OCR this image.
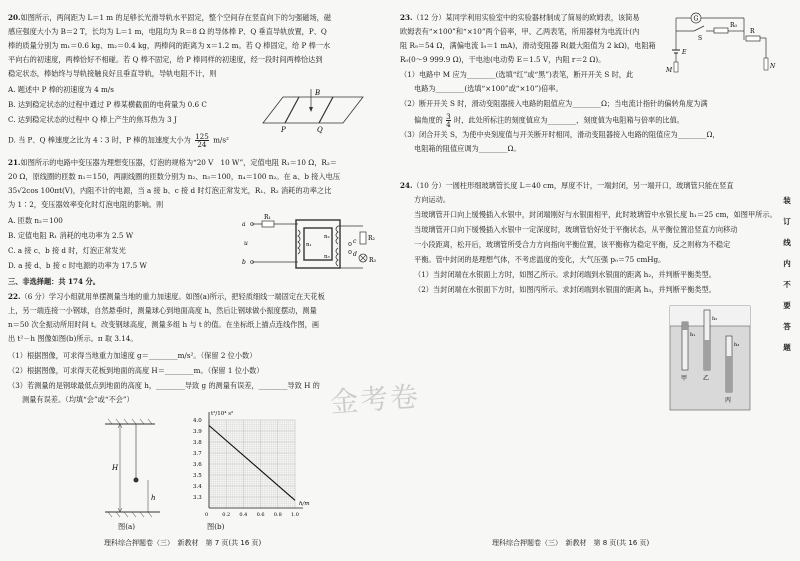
20.如图所示，两间距为 L＝1 m 的足够长光滑导轨水平固定，整个空间存在竖直向下的匀强磁场，磁
感应强度大小为 B＝2 T，长均为 L＝1 m，电阻均为 R＝8 Ω 的导体棒 P、Q 垂直导轨放置，P、Q
棒的质量分别为 m₁＝0.6 kg、m₂＝0.4 kg，两棒间的距离为 x＝1.2 m。若 Q 棒固定，给 P 棒一水
平向右的初速度，两棒恰好不相碰。若 Q 棒不固定，给 P 棒同样的初速度，经一段时间两棒恰达到
稳定状态，棒始终与导轨接触良好且垂直导轨，导轨电阻不计，则
A. 题述中 P 棒的初速度为 4 m/s
B. 达到稳定状态的过程中通过 P 棒某横截面的电荷量为 0.6 C
C. 达到稳定状态的过程中 Q 棒上产生的焦耳热为 3 J
D. 当 P、Q 棒速度之比为 4∶3 时，P 棒的加速度大小为 $\frac{125}{24} m/s^2$
B
P	Q
21.如图所示的电路中变压器为理想变压器，灯泡的规格为“20 V　10 W”，定值电阻 R₁＝10 Ω，R₂＝
20 Ω，原线圈的匝数 n₁＝150，两副线圈的匝数分别为 n₂、n₃＝100，n₄＝100 n₂。在 a、b 接入电压
35√2cos 100πt(V)，内阻不计的电源，当 a 接 b、c 接 d 时灯泡正常发光，R₁、R₂ 消耗的功率之比
为 1∶2，变压器效率变化时灯泡电阻的影响。则
A. 匝数 n₂＝100
B. 定值电阻 R₁ 消耗的电功率为 2.5 W
C. a 接 c、b 接 d 时，灯泡正常发光
D. a 接 d、b 接 c 时电源的功率为 17.5 W
R₁
a
b
u	n₁
n₂
n₃
c
d
R₂
R₃
三、非选择题：共 174 分。
22.（6 分）学习小组就用单摆测量当地的重力加速度。如图(a)所示，把轻质细线一端固定在天花板
上，另一端连接一小钢球，自然悬垂时，测量球心到地面高度 h，然后让钢球做小振度摆动，测量
n＝50 次全振动所用时间 t。改变钢球高度，测量多组 h 与 t 的值。在坐标纸上描点连线作图，画
出 t²－h 图像如图(b)所示。π 取 3.14。
（1）根据图像，可求得当地重力加速度 g＝________m/s²。（保留 2 位小数）
（2）根据图像，可求得天花板到地面的高度 H＝________m。（保留 1 位小数）
（3）若测量的是钢球最低点到地面的高度 h，________导致 g 的测量有误差，________导致 H 的
测量有误差。（均填“会”或“不会”）
H
h
图(a)
h/m
t²/10⁴ s²
4.0
3.9
3.8
3.7
3.6
3.5
3.4
3.3
0	0.2 0.4 0.6 0.8 1.0
图(b)
理科综合押题卷（三）　新教材　第 7 页(共 16 页)
金考卷
23.（12 分）某同学利用实验室中的实验器材制成了简易的欧姆表，该简易
欧姆表有“×100”和“×10”两个倍率，甲、乙两表笔，所用器材为电流计(内
阻 R₉＝54 Ω，满偏电流 I₉＝1 mA)，滑动变阻器 R(最大阻值为 2 kΩ)，电阻箱
R₀(0～9 999.9 Ω)，干电池(电动势 E＝1.5 V，内阻 r＝2 Ω)。
（1）电路中 M 应为________(选填“红”或“黑”)表笔，断开开关 S 时，此
电路为________(选填“×100”或“×10”)倍率。
（2）断开开关 S 时，滑动变阻器接入电路的阻值应为________Ω；当电流计指针的偏转角度为满
偏角度的 $\frac{3}{4}$ 时，此处所标注的刻度值应为________，刻度值为电阻箱与倍率的比值。
（3）闭合开关 S，为使中央刻度值与开关断开时相同，滑动变阻器接入电路的阻值应为________Ω，
电阻箱的阻值应调为________Ω。
G
R₀
S
R
E
M
N
24.（10 分）一圆柱形细玻璃管长度 L＝40 cm，厚度不计，一端封闭，另一端开口，玻璃管只能在竖直
方向运动。
当玻璃管开口向上缓慢插入水银中，封闭端刚好与水银面相平，此时玻璃管中水银长度 h₁＝25 cm，如图甲所示。
当玻璃管开口向下缓慢插入水银中一定深度时，玻璃管恰好处于平衡状态，从平衡位置沿竖直方向移动
一小段距离，松开后，玻璃管所受合力方向指向平衡位置，该平衡称为稳定平衡，反之则称为不稳定
平衡。管中封闭的是理想气体，不考虑温度的变化，大气压强 p₀＝75 cmHg。
（1）当封闭端在水银面上方时，如图乙所示。求封闭端到水银面的距离 h₂，并判断平衡类型。
（2）当封闭端在水银面下方时，如图丙所示。求封闭端到水银面的距离 h₃，并判断平衡类型。
甲
h₁
h₂
乙
h₃
丙
装
订
线
内
不
要
答
题
理科综合押题卷（三）　新教材　第 8 页(共 16 页)
